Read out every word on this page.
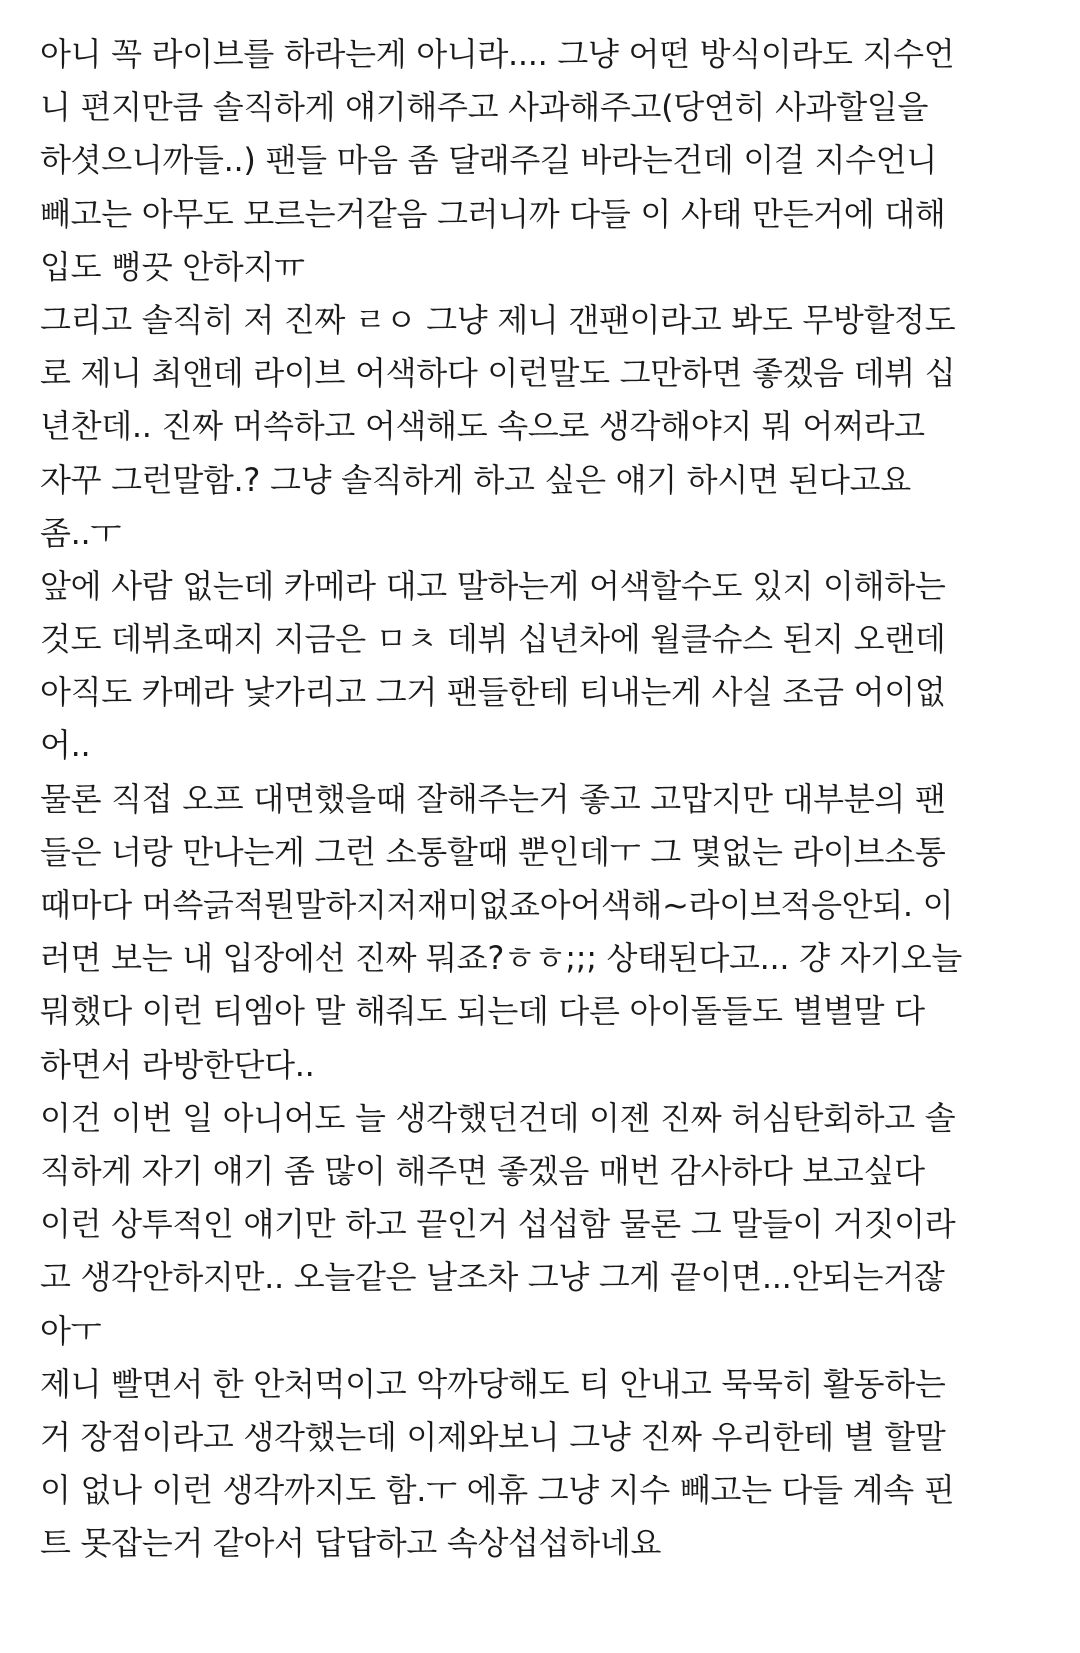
아니 꼭 라이브를 하라는게 아니라.... 그냥 어떤 방식이라도 지수언
니 편지만큼 솔직하게 얘기해주고 사과해주고(당연히 사과할일을
하셧으니까들..) 팬들 마음 좀 달래주길 바라는건데 이걸 지수언니
빼고는 아무도 모르는거같음 그러니까 다들 이 사태 만든거에 대해
입도 뻥끗 안하지ㅠ
그리고 솔직히 저 진짜 ㄹㅇ 그냥 제니 갠팬이라고 봐도 무방할정도
로 제니 최앤데 라이브 어색하다 이런말도 그만하면 좋겠음 데뷔 십
년찬데.. 진짜 머쓱하고 어색해도 속으로 생각해야지 뭐 어쩌라고
자꾸 그런말함.? 그냥 솔직하게 하고 싶은 얘기 하시면 된다고요
좀..ㅜ
앞에 사람 없는데 카메라 대고 말하는게 어색할수도 있지 이해하는
것도 데뷔초때지 지금은 ㅁㅊ 데뷔 십년차에 월클슈스 된지 오랜데
아직도 카메라 낯가리고 그거 팬들한테 티내는게 사실 조금 어이없
어..
물론 직접 오프 대면했을때 잘해주는거 좋고 고맙지만 대부분의 팬
들은 너랑 만나는게 그런 소통할때 뿐인데ㅜ 그 몇없는 라이브소통
때마다 머쓱긁적뭔말하지저재미없죠아어색해~라이브적응안되. 이
러면 보는 내 입장에선 진짜 뭐죠?ㅎㅎ;;; 상태된다고... 걍 자기오늘
뭐했다 이런 티엠아 말 해줘도 되는데 다른 아이돌들도 별별말 다
하면서 라방한단다..
이건 이번 일 아니어도 늘 생각했던건데 이젠 진짜 허심탄회하고 솔
직하게 자기 얘기 좀 많이 해주면 좋겠음 매번 감사하다 보고싶다
이런 상투적인 얘기만 하고 끝인거 섭섭함 물론 그 말들이 거짓이라
고 생각안하지만.. 오늘같은 날조차 그냥 그게 끝이면...안되는거잖
아ㅜ
제니 빨면서 한 안처먹이고 악까당해도 티 안내고 묵묵히 활동하는
거 장점이라고 생각했는데 이제와보니 그냥 진짜 우리한테 별 할말
이 없나 이런 생각까지도 함.ㅜ 에휴 그냥 지수 빼고는 다들 계속 핀
트 못잡는거 같아서 답답하고 속상섭섭하네요
